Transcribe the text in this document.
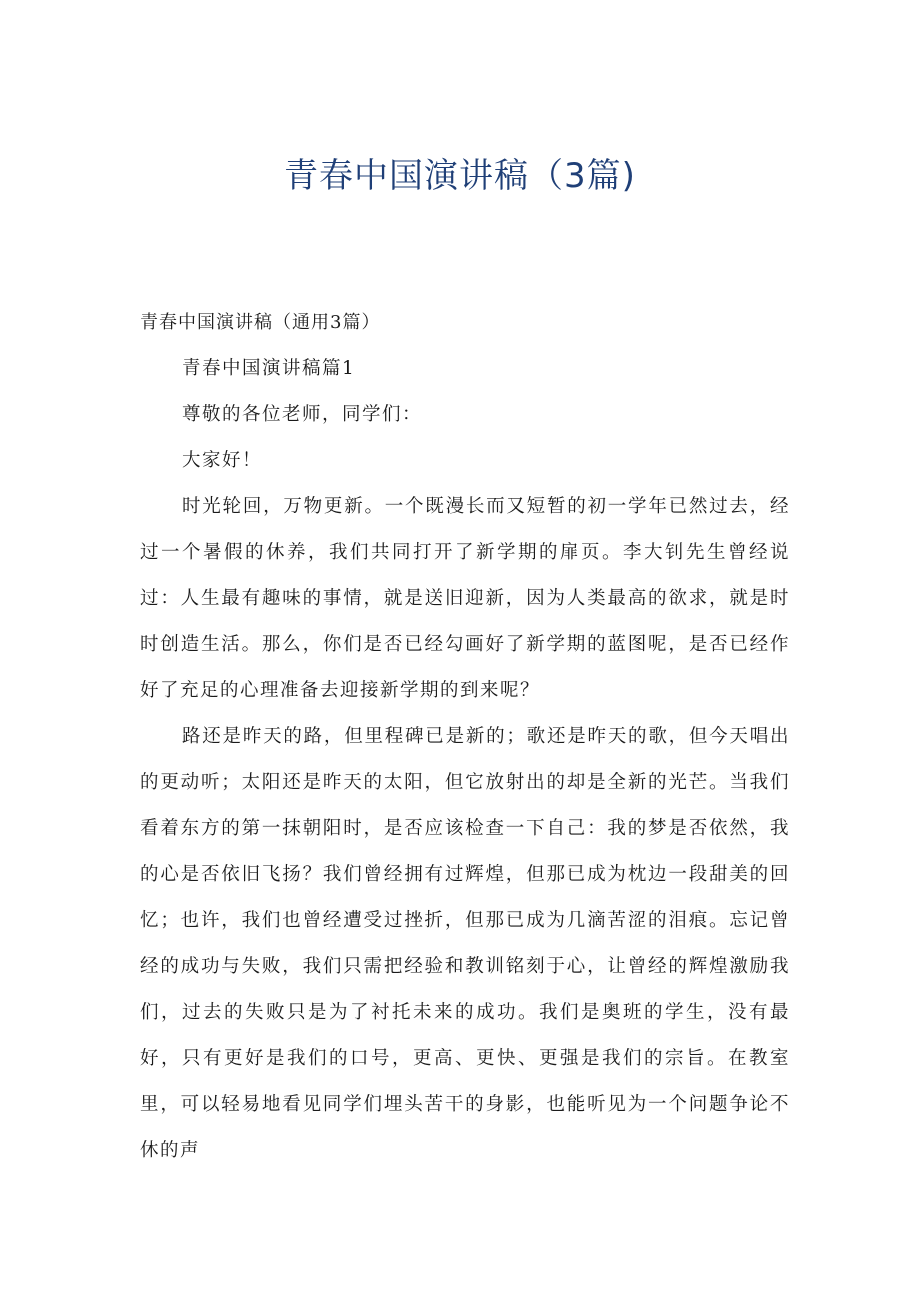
青春中国演讲稿（3篇)

青春中国演讲稿（通用3篇）

青春中国演讲稿篇1

尊敬的各位老师，同学们：

大家好！

时光轮回，万物更新。一个既漫长而又短暂的初一学年已然过去，经过一个暑假的休养，我们共同打开了新学期的扉页。李大钊先生曾经说过：人生最有趣味的事情，就是送旧迎新，因为人类最高的欲求，就是时时创造生活。那么，你们是否已经勾画好了新学期的蓝图呢，是否已经作好了充足的心理准备去迎接新学期的到来呢？

路还是昨天的路，但里程碑已是新的；歌还是昨天的歌，但今天唱出的更动听；太阳还是昨天的太阳，但它放射出的却是全新的光芒。当我们看着东方的第一抹朝阳时，是否应该检查一下自己：我的梦是否依然，我的心是否依旧飞扬？我们曾经拥有过辉煌，但那已成为枕边一段甜美的回忆；也许，我们也曾经遭受过挫折，但那已成为几滴苦涩的泪痕。忘记曾经的成功与失败，我们只需把经验和教训铭刻于心，让曾经的辉煌激励我们，过去的失败只是为了衬托未来的成功。我们是奥班的学生，没有最好，只有更好是我们的口号，更高、更快、更强是我们的宗旨。在教室里，可以轻易地看见同学们埋头苦干的身影，也能听见为一个问题争论不休的声
